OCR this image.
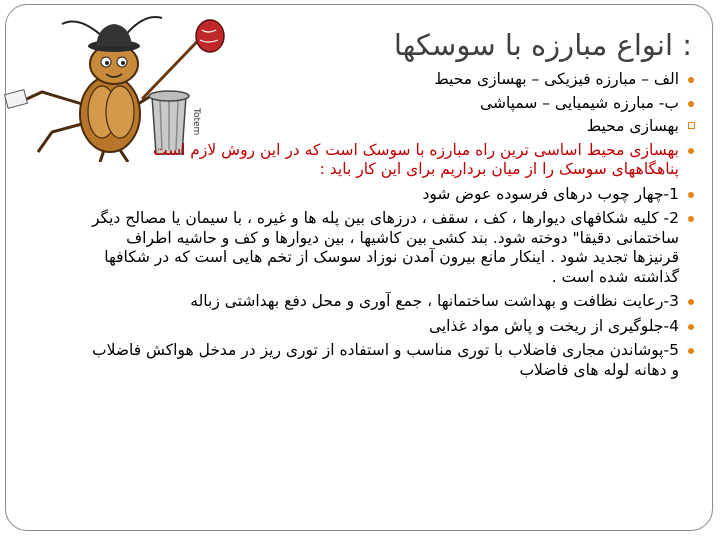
Totem
: انواع مبارزه با سوسکها
الف – مبارزه فیزیکی – بهسازی محیط
ب- مبارزه شیمیایی – سمپاشی
بهسازی محیط
بهسازی محیط اساسی ترین راه مبارزه با سوسک است که در این روش لازم است پناهگاههای سوسک را از میان برداریم برای این کار باید :
1-چهار چوب درهای فرسوده عوض شود
2- کلیه شکافهای دیوارها ، کف ، سقف ، درزهای بین پله ها و غیره ، با سیمان یا مصالح دیگر ساختمانی دقیقا" دوخته شود. بند کشی بین کاشیها ، بین دیوارها و کف و حاشیه اطراف قرنیزها تجدید شود . اینکار مانع بیرون آمدن نوزاد سوسک از تخم هایی است که در شکافها گذاشته شده است .
3-رعایت نظافت و بهداشت ساختمانها ، جمع آوری و محل دفع بهداشتی زباله
4-جلوگیری از ریخت و پاش مواد غذایی
5-پوشاندن مجاری فاضلاب با توری مناسب و استفاده از توری ریز در مدخل هواکش فاضلاب و دهانه لوله های فاضلاب
